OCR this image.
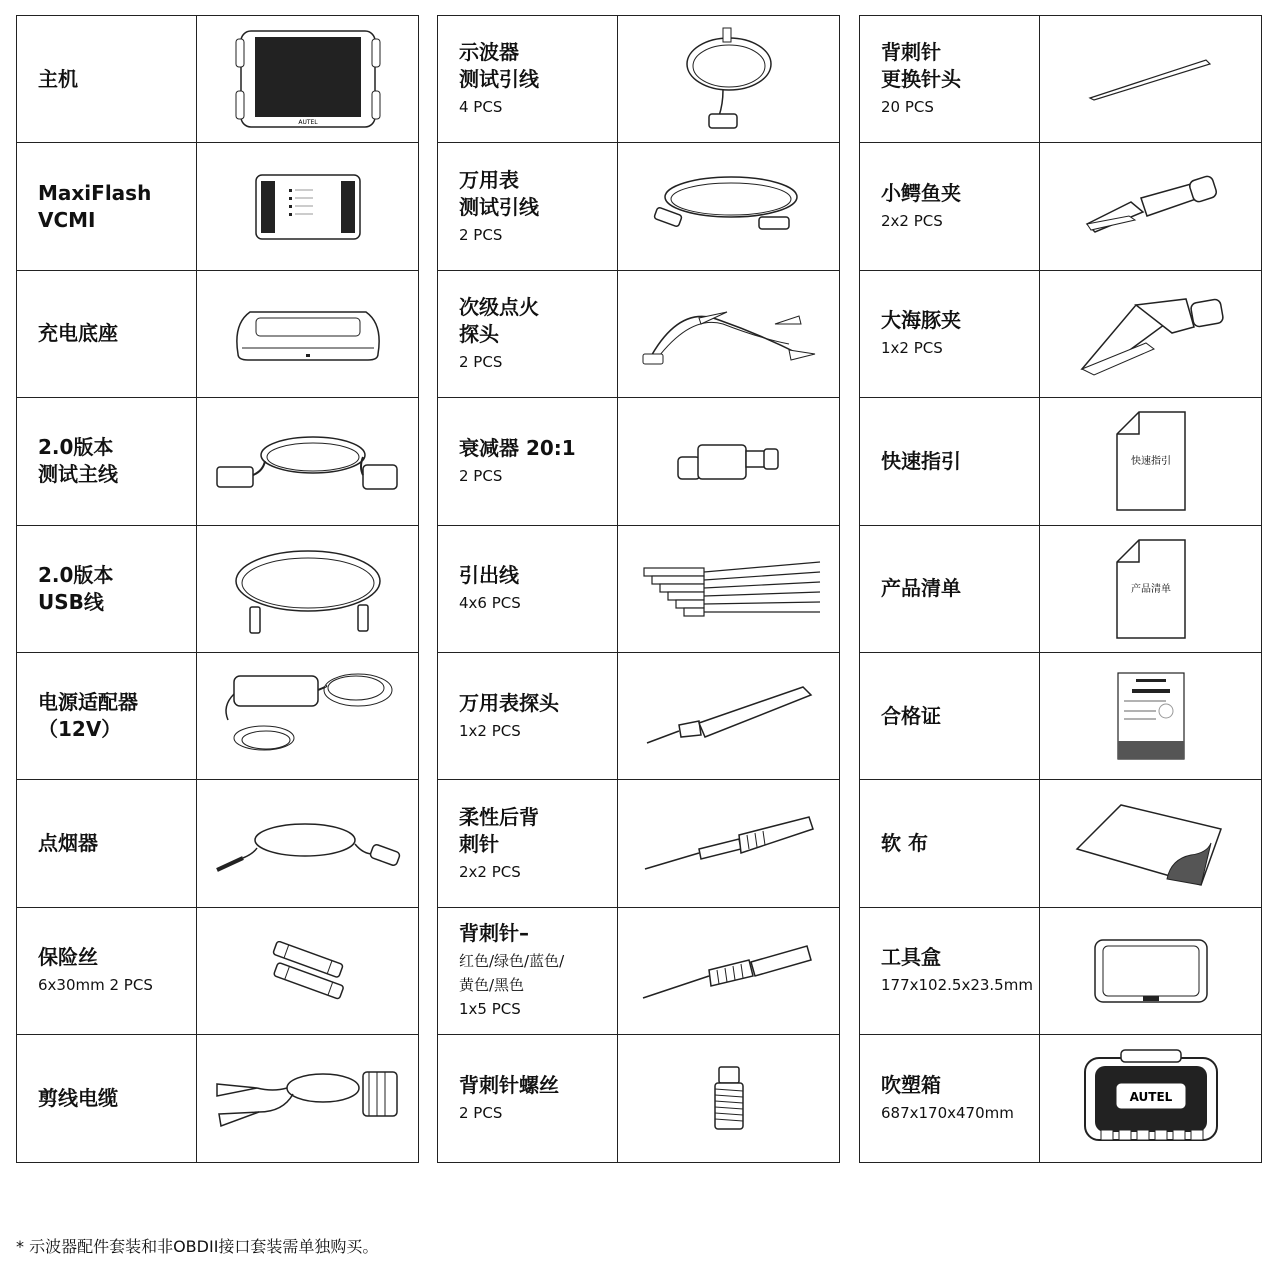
主机
AUTEL
MaxiFlash
VCMI
充电底座
2.0版本
测试主线
2.0版本
USB线
电源适配器
（12V）
点烟器
保险丝
6x30mm 2 PCS
剪线电缆
示波器
测试引线
4 PCS
万用表
测试引线
2 PCS
次级点火
探头
2 PCS
衰减器 20:1
2 PCS
引出线
4x6 PCS
万用表探头
1x2 PCS
柔性后背
刺针
2x2 PCS
背刺针–
红色/绿色/蓝色/
黄色/黑色
1x5 PCS
背刺针螺丝
2 PCS
背刺针
更换针头
20 PCS
小鳄鱼夹
2x2 PCS
大海豚夹
1x2 PCS
快速指引	快速指引
产品清单	产品清单
合格证
软 布
工具盒
177x102.5x23.5mm
吹塑箱
687x170x470mm
AUTEL
* 示波器配件套装和非OBDII接口套装需单独购买。
